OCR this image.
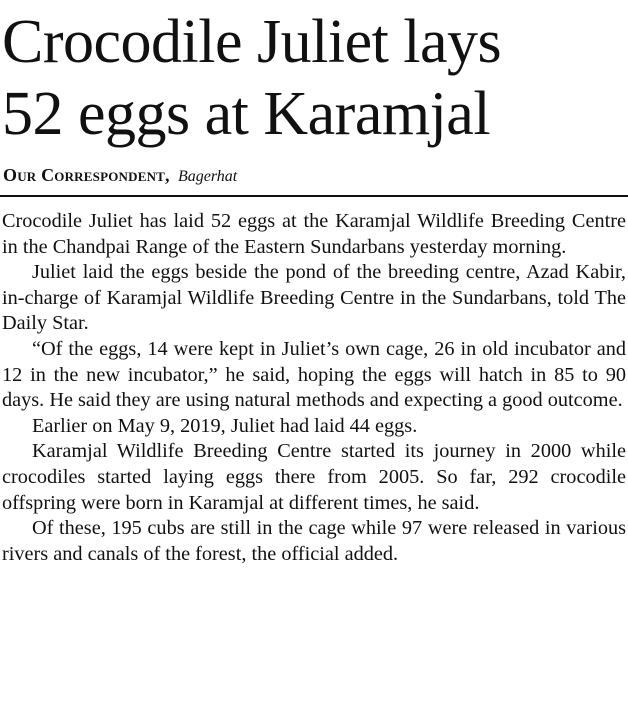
Crocodile Juliet lays
52 eggs at Karamjal
Our Correspondent, Bagerhat

Crocodile Juliet has laid 52 eggs at the Karamjal Wildlife Breeding Centre in the Chandpai Range of the Eastern Sundarbans yesterday morning.

Juliet laid the eggs beside the pond of the breeding centre, Azad Kabir, in-charge of Karamjal Wildlife Breeding Centre in the Sundarbans, told The Daily Star.

“Of the eggs, 14 were kept in Juliet’s own cage, 26 in old incubator and 12 in the new incubator,” he said, hoping the eggs will hatch in 85 to 90 days. He said they are using natural methods and expecting a good outcome.

Earlier on May 9, 2019, Juliet had laid 44 eggs.

Karamjal Wildlife Breeding Centre started its journey in 2000 while crocodiles started laying eggs there from 2005. So far, 292 crocodile offspring were born in Karamjal at different times, he said.

Of these, 195 cubs are still in the cage while 97 were released in various rivers and canals of the forest, the official added.
